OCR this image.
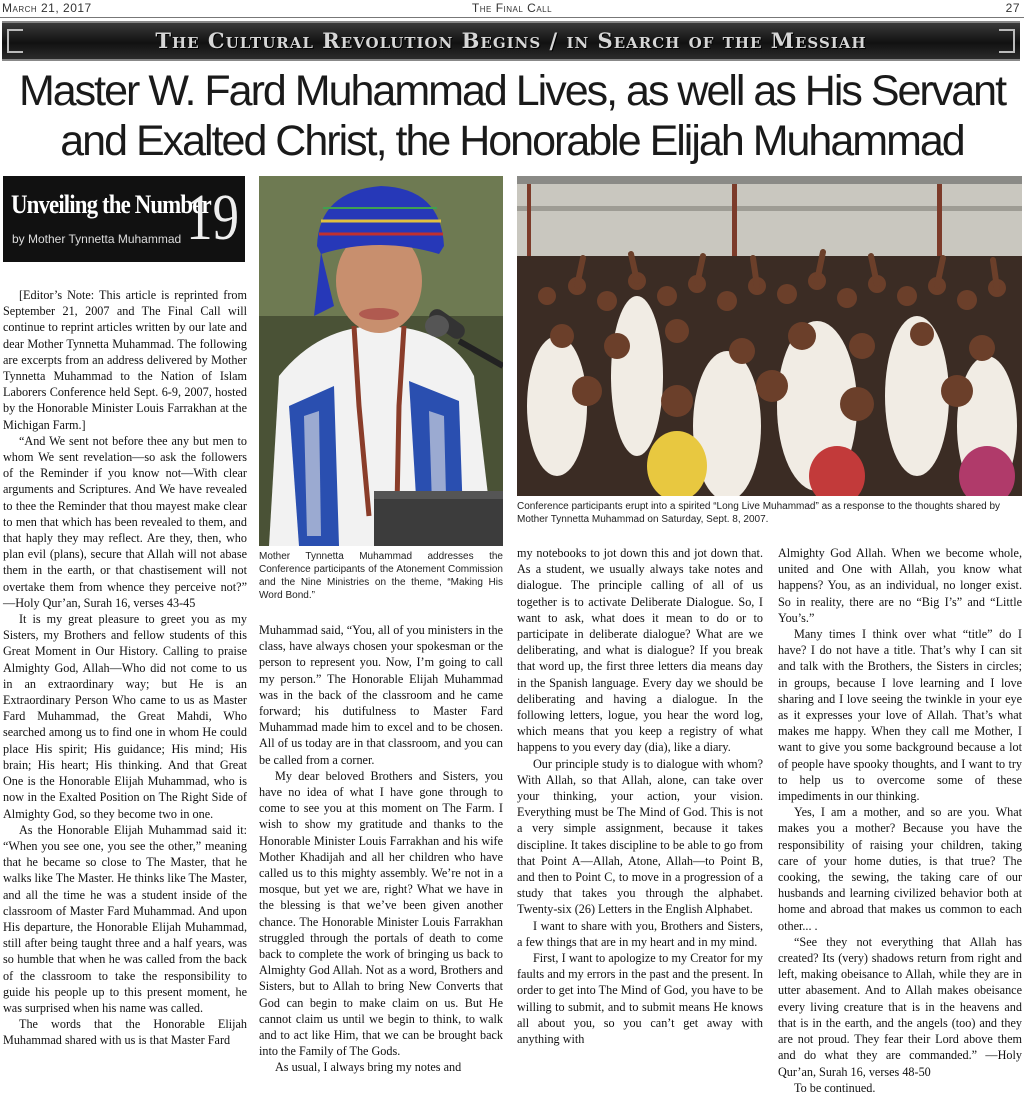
March 21, 2017	The Final Call	27
The Cultural Revolution Begins / in Search of the Messiah
Master W. Fard Muhammad Lives, as well as His Servant
and Exalted Christ, the Honorable Elijah Muhammad
Unveiling the Number
by Mother Tynnetta Muhammad 19
Mother Tynnetta Muhammad addresses the Conference participants of the Atonement Commission and the Nine Ministries on the theme, “Making His Word Bond.”
Conference participants erupt into a spirited “Long Live Muhammad” as a response to the thoughts shared by Mother Tynnetta Muhammad on Saturday, Sept. 8, 2007.

[Editor’s Note: This article is reprinted from September 21, 2007 and The Final Call will continue to reprint articles written by our late and dear Mother Tynnetta Muhammad. The following are excerpts from an address delivered by Mother Tynnetta Muhammad to the Nation of Islam Laborers Conference held Sept. 6-9, 2007, hosted by the Honorable Minister Louis Farrakhan at the Michigan Farm.]

“And We sent not before thee any but men to whom We sent revelation—so ask the followers of the Reminder if you know not—With clear arguments and Scriptures. And We have revealed to thee the Reminder that thou mayest make clear to men that which has been revealed to them, and that haply they may reflect. Are they, then, who plan evil (plans), secure that Allah will not abase them in the earth, or that chastisement will not overtake them from whence they perceive not?” —Holy Qur’an, Surah 16, verses 43-45

It is my great pleasure to greet you as my Sisters, my Brothers and fellow students of this Great Moment in Our History. Calling to praise Almighty God, Allah—Who did not come to us in an extraordinary way; but He is an Extraordinary Person Who came to us as Master Fard Muhammad, the Great Mahdi, Who searched among us to find one in whom He could place His spirit; His guidance; His mind; His brain; His heart; His thinking. And that Great One is the Honorable Elijah Muhammad, who is now in the Exalted Position on The Right Side of Almighty God, so they become two in one.

As the Honorable Elijah Muhammad said it: “When you see one, you see the other,” meaning that he became so close to The Master, that he walks like The Master. He thinks like The Master, and all the time he was a student inside of the classroom of Master Fard Muhammad. And upon His departure, the Honorable Elijah Muhammad, still after being taught three and a half years, was so humble that when he was called from the back of the classroom to take the responsibility to guide his people up to this present moment, he was surprised when his name was called.

The words that the Honorable Elijah Muhammad shared with us is that Master Fard

Muhammad said, “You, all of you ministers in the class, have always chosen your spokesman or the person to represent you. Now, I’m going to call my person.” The Honorable Elijah Muhammad was in the back of the classroom and he came forward; his dutifulness to Master Fard Muhammad made him to excel and to be chosen. All of us today are in that classroom, and you can be called from a corner.

My dear beloved Brothers and Sisters, you have no idea of what I have gone through to come to see you at this moment on The Farm. I wish to show my gratitude and thanks to the Honorable Minister Louis Farrakhan and his wife Mother Khadijah and all her children who have called us to this mighty assembly. We’re not in a mosque, but yet we are, right? What we have in the blessing is that we’ve been given another chance. The Honorable Minister Louis Farrakhan struggled through the portals of death to come back to complete the work of bringing us back to Almighty God Allah. Not as a word, Brothers and Sisters, but to Allah to bring New Converts that God can begin to make claim on us. But He cannot claim us until we begin to think, to walk and to act like Him, that we can be brought back into the Family of The Gods.

As usual, I always bring my notes and

my notebooks to jot down this and jot down that. As a student, we usually always take notes and dialogue. The principle calling of all of us together is to activate Deliberate Dialogue. So, I want to ask, what does it mean to do or to participate in deliberate dialogue? What are we deliberating, and what is dialogue? If you break that word up, the first three letters dia means day in the Spanish language. Every day we should be deliberating and having a dialogue. In the following letters, logue, you hear the word log, which means that you keep a registry of what happens to you every day (dia), like a diary.

Our principle study is to dialogue with whom? With Allah, so that Allah, alone, can take over your thinking, your action, your vision. Everything must be The Mind of God. This is not a very simple assignment, because it takes discipline. It takes discipline to be able to go from that Point A—Allah, Atone, Allah—to Point B, and then to Point C, to move in a progression of a study that takes you through the alphabet. Twenty-six (26) Letters in the English Alphabet.

I want to share with you, Brothers and Sisters, a few things that are in my heart and in my mind.

First, I want to apologize to my Creator for my faults and my errors in the past and the present. In order to get into The Mind of God, you have to be willing to submit, and to submit means He knows all about you, so you can’t get away with anything with

Almighty God Allah. When we become whole, united and One with Allah, you know what happens? You, as an individual, no longer exist. So in reality, there are no “Big I’s” and “Little You’s.”

Many times I think over what “title” do I have? I do not have a title. That’s why I can sit and talk with the Brothers, the Sisters in circles; in groups, because I love learning and I love sharing and I love seeing the twinkle in your eye as it expresses your love of Allah. That’s what makes me happy. When they call me Mother, I want to give you some background because a lot of people have spooky thoughts, and I want to try to help us to overcome some of these impediments in our thinking.

Yes, I am a mother, and so are you. What makes you a mother? Because you have the responsibility of raising your children, taking care of your home duties, is that true? The cooking, the sewing, the taking care of our husbands and learning civilized behavior both at home and abroad that makes us common to each other... .

“See they not everything that Allah has created? Its (very) shadows return from right and left, making obeisance to Allah, while they are in utter abasement. And to Allah makes obeisance every living creature that is in the heavens and that is in the earth, and the angels (too) and they are not proud. They fear their Lord above them and do what they are commanded.” —Holy Qur’an, Surah 16, verses 48-50

To be continued.
